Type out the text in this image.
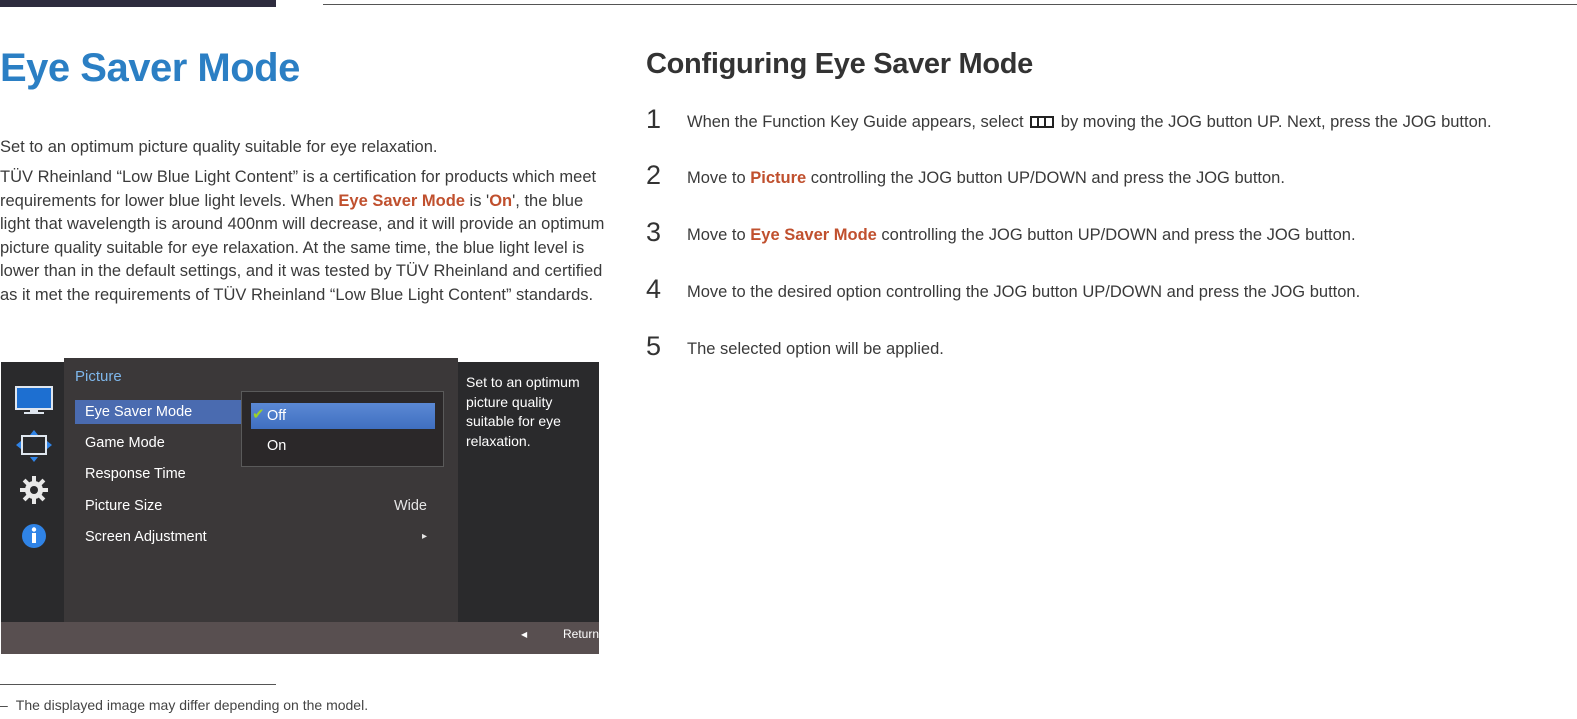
Eye Saver Mode

Set to an optimum picture quality suitable for eye relaxation.

TÜV Rheinland “Low Blue Light Content” is a certification for products which meet requirements for lower blue light levels. When Eye Saver Mode is 'On', the blue light that wavelength is around 400nm will decrease, and it will provide an optimum picture quality suitable for eye relaxation. At the same time, the blue light level is lower than in the default settings, and it was tested by TÜV Rheinland and certified as it met the requirements of TÜV Rheinland “Low Blue Light Content” standards.

Picture
Eye Saver Mode
Game Mode
Response Time
Picture Size	Wide
Screen Adjustment	▸
✔ Off
On
Set to an optimum picture quality suitable for eye relaxation.
◀	Return
Configuring Eye Saver Mode
1 When the Function Key Guide appears, select  by moving the JOG button UP. Next, press the JOG button.
2 Move to Picture controlling the JOG button UP/DOWN and press the JOG button.
3 Move to Eye Saver Mode controlling the JOG button UP/DOWN and press the JOG button.
4 Move to the desired option controlling the JOG button UP/DOWN and press the JOG button.
5 The selected option will be applied.
– The displayed image may differ depending on the model.
